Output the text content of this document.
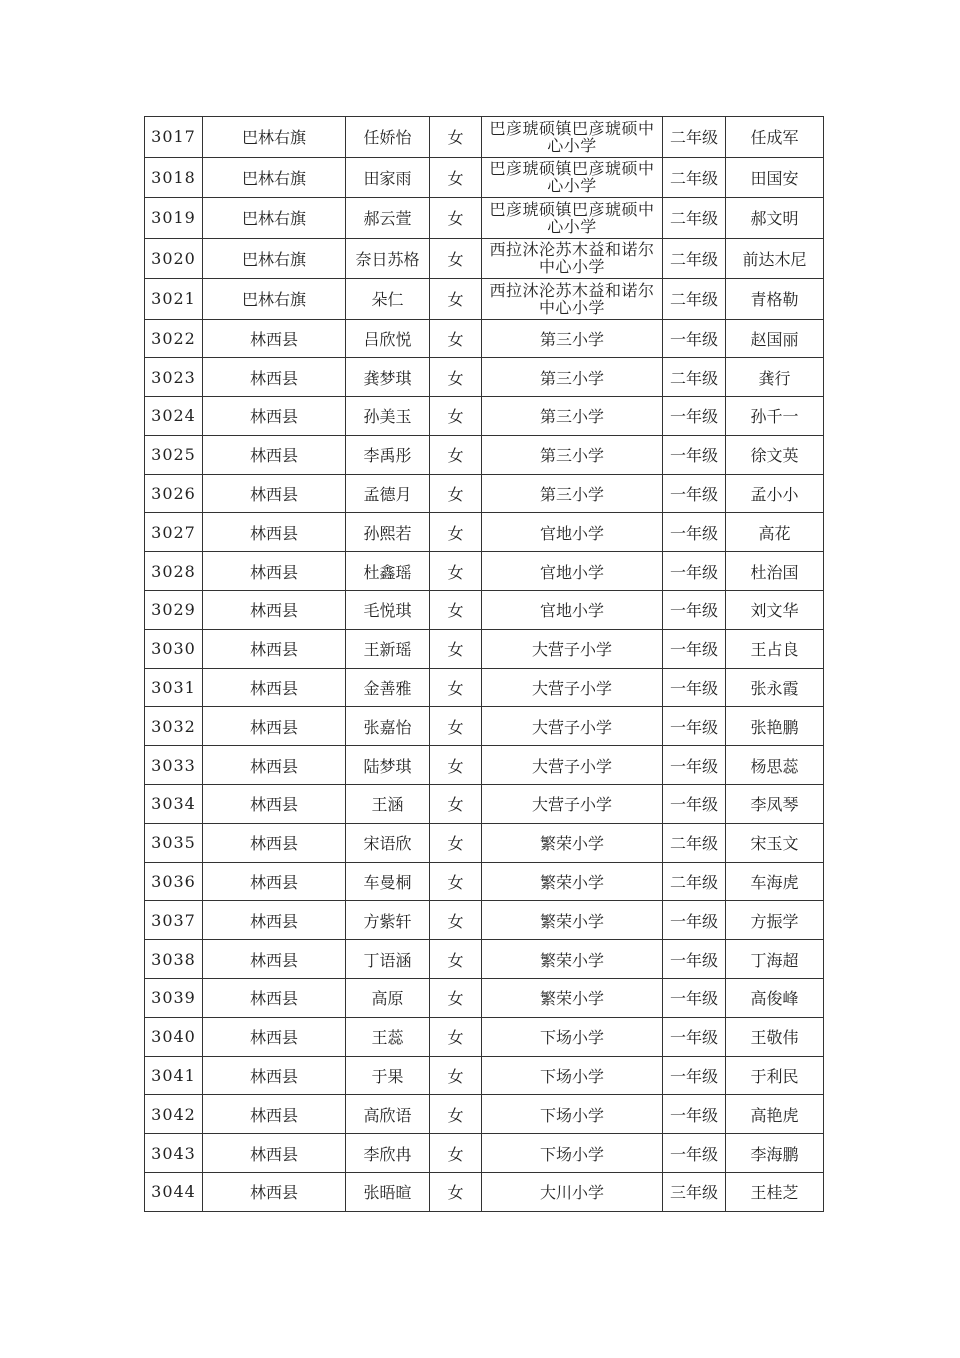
3017	巴林右旗	任娇怡	女	巴彦琥硕镇巴彦琥硕中心小学	二年级	任成军
3018	巴林右旗	田家雨	女	巴彦琥硕镇巴彦琥硕中心小学	二年级	田国安
3019	巴林右旗	郝云萱	女	巴彦琥硕镇巴彦琥硕中心小学	二年级	郝文明
3020	巴林右旗	奈日苏格	女	西拉沐沦苏木益和诺尔中心小学	二年级	前达木尼
3021	巴林右旗	朵仁	女	西拉沐沦苏木益和诺尔中心小学	二年级	青格勒
3022	林西县	吕欣悦	女	第三小学	一年级	赵国丽
3023	林西县	龚梦琪	女	第三小学	二年级	龚行
3024	林西县	孙美玉	女	第三小学	一年级	孙千一
3025	林西县	李禹彤	女	第三小学	一年级	徐文英
3026	林西县	孟德月	女	第三小学	一年级	孟小小
3027	林西县	孙熙若	女	官地小学	一年级	高花
3028	林西县	杜鑫瑶	女	官地小学	一年级	杜治国
3029	林西县	毛悦琪	女	官地小学	一年级	刘文华
3030	林西县	王新瑶	女	大营子小学	一年级	王占良
3031	林西县	金善雅	女	大营子小学	一年级	张永霞
3032	林西县	张嘉怡	女	大营子小学	一年级	张艳鹏
3033	林西县	陆梦琪	女	大营子小学	一年级	杨思蕊
3034	林西县	王涵	女	大营子小学	一年级	李凤琴
3035	林西县	宋语欣	女	繁荣小学	二年级	宋玉文
3036	林西县	车曼桐	女	繁荣小学	二年级	车海虎
3037	林西县	方紫轩	女	繁荣小学	一年级	方振学
3038	林西县	丁语涵	女	繁荣小学	一年级	丁海超
3039	林西县	高原	女	繁荣小学	一年级	高俊峰
3040	林西县	王蕊	女	下场小学	一年级	王敬伟
3041	林西县	于果	女	下场小学	一年级	于利民
3042	林西县	高欣语	女	下场小学	一年级	高艳虎
3043	林西县	李欣冉	女	下场小学	一年级	李海鹏
3044	林西县	张晤暄	女	大川小学	三年级	王桂芝
